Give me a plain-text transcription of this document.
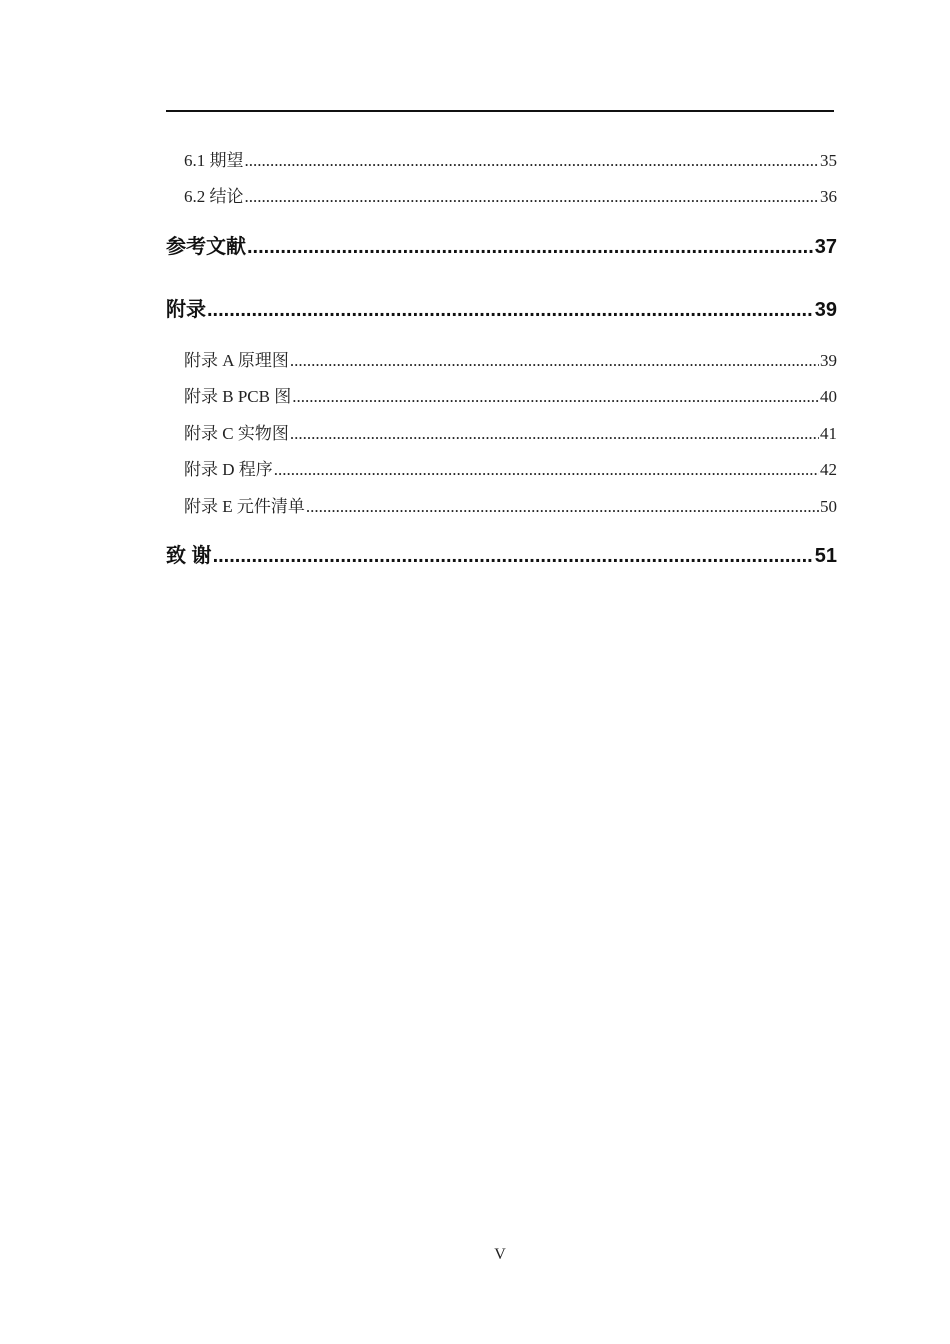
6.1 期望 .....	35
6.2 结论 .....	36
参考文献 .....	37
附录 .....	39
附录 A 原理图 .....	39
附录 B PCB 图 .....	40
附录 C 实物图 .....	41
附录 D 程序 .....	42
附录 E 元件清单 .....	50
致 谢 .....	51
V
